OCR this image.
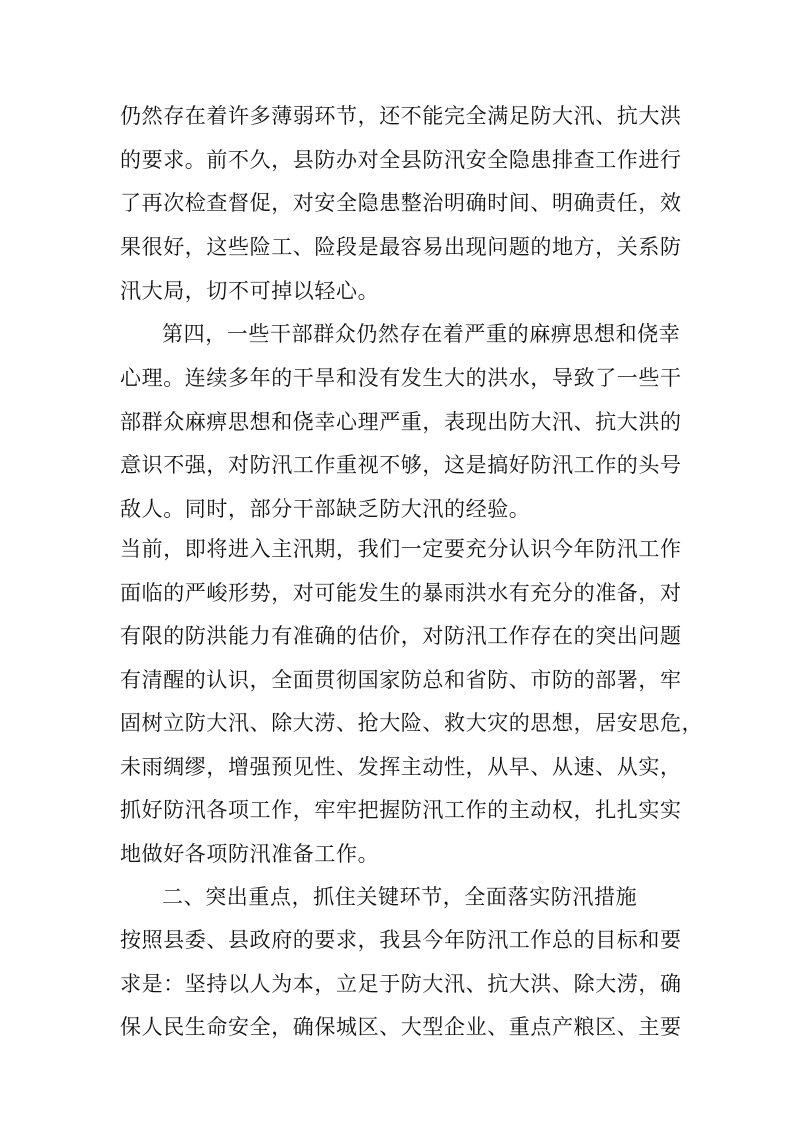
仍然存在着许多薄弱环节，还不能完全满足防大汛、抗大洪
的要求。前不久，县防办对全县防汛安全隐患排查工作进行
了再次检查督促，对安全隐患整治明确时间、明确责任，效
果很好，这些险工、险段是最容易出现问题的地方，关系防
汛大局，切不可掉以轻心。
第四，一些干部群众仍然存在着严重的麻痹思想和侥幸
心理。连续多年的干旱和没有发生大的洪水，导致了一些干
部群众麻痹思想和侥幸心理严重，表现出防大汛、抗大洪的
意识不强，对防汛工作重视不够，这是搞好防汛工作的头号
敌人。同时，部分干部缺乏防大汛的经验。
当前，即将进入主汛期，我们一定要充分认识今年防汛工作
面临的严峻形势，对可能发生的暴雨洪水有充分的准备，对
有限的防洪能力有准确的估价，对防汛工作存在的突出问题
有清醒的认识，全面贯彻国家防总和省防、市防的部署，牢
固树立防大汛、除大涝、抢大险、救大灾的思想，居安思危，
未雨绸缪，增强预见性、发挥主动性，从早、从速、从实，
抓好防汛各项工作，牢牢把握防汛工作的主动权，扎扎实实
地做好各项防汛准备工作。
二、突出重点，抓住关键环节，全面落实防汛措施
按照县委、县政府的要求，我县今年防汛工作总的目标和要
求是：坚持以人为本，立足于防大汛、抗大洪、除大涝，确
保人民生命安全，确保城区、大型企业、重点产粮区、主要
